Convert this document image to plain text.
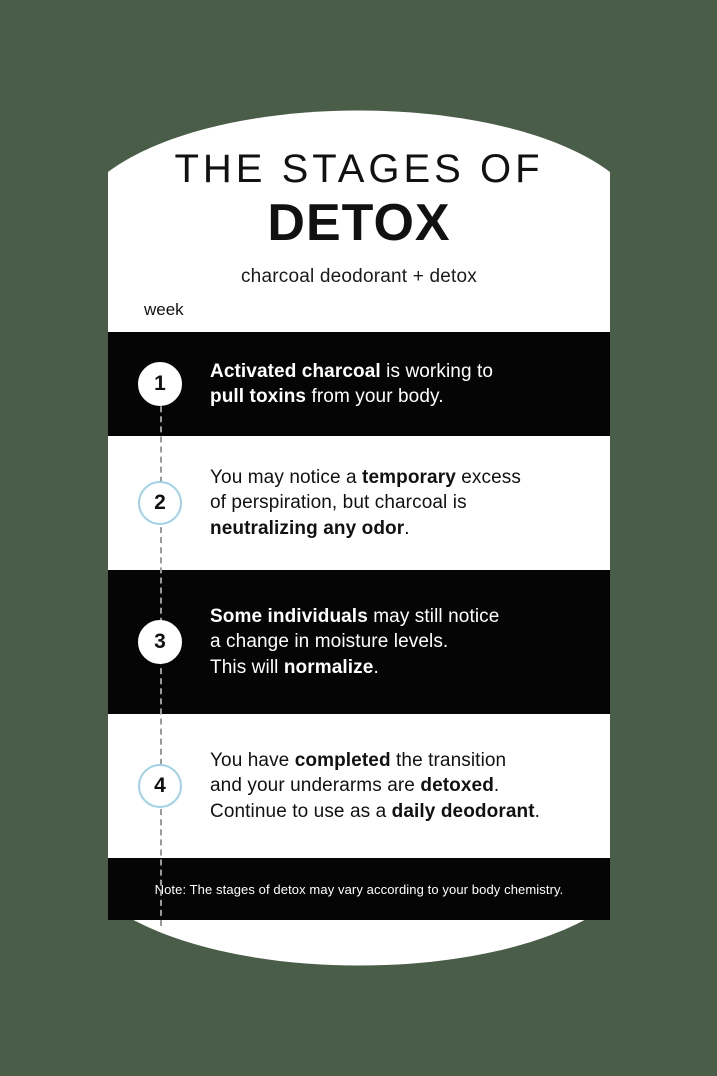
THE STAGES OF
DETOX
charcoal deodorant + detox
week
1
Activated charcoal is working to
pull toxins from your body.
2
You may notice a temporary excess
of perspiration, but charcoal is
neutralizing any odor.
3
Some individuals may still notice
a change in moisture levels.
This will normalize.
4
You have completed the transition
and your underarms are detoxed.
Continue to use as a daily deodorant.
Note: The stages of detox may vary according to your body chemistry.
